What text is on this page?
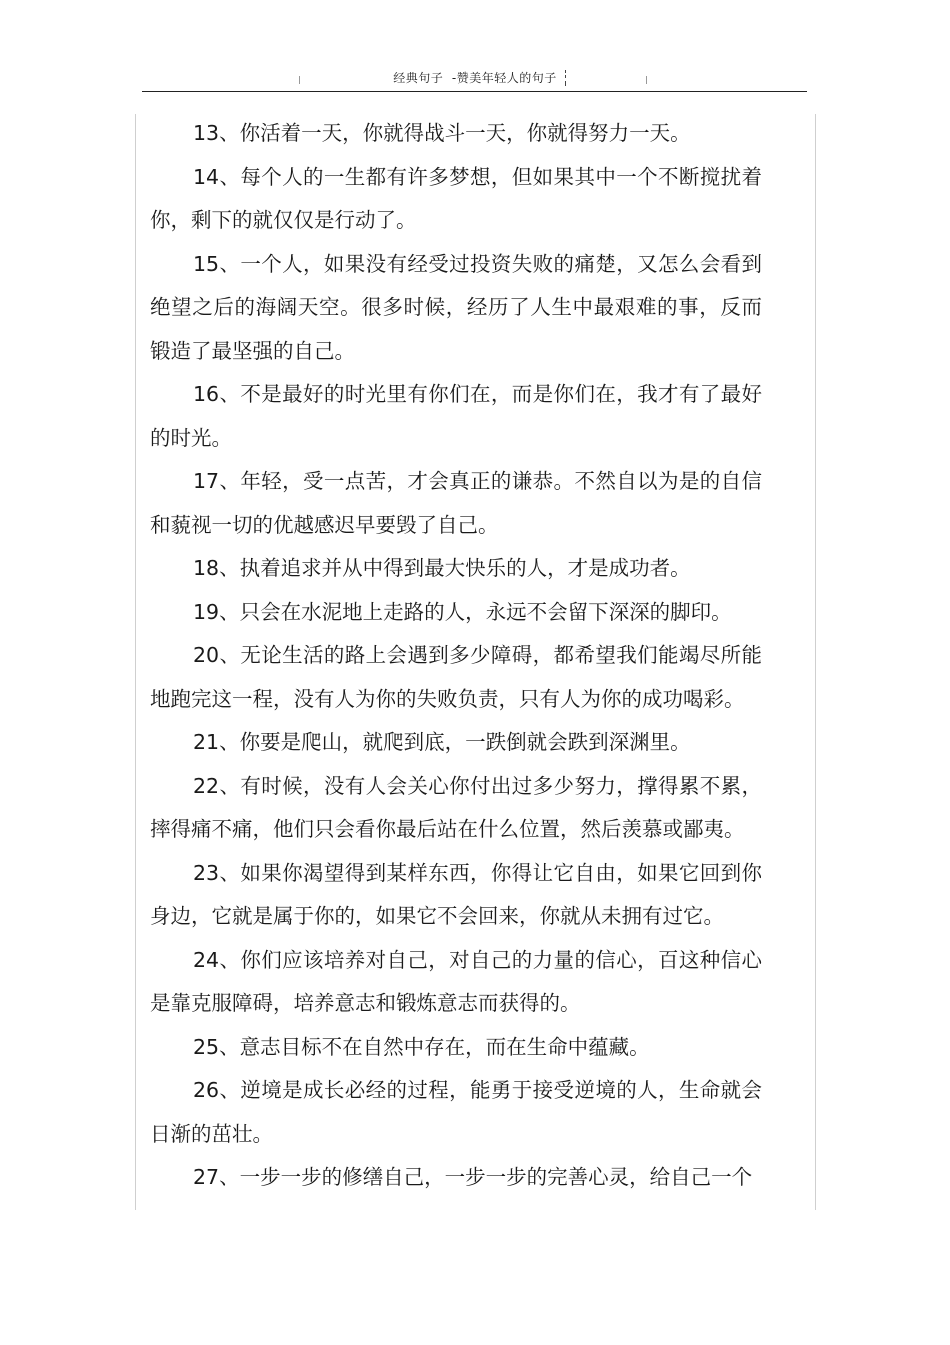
经典句子  -赞美年轻人的句子

13、你活着一天，你就得战斗一天，你就得努力一天。

14、每个人的一生都有许多梦想，但如果其中一个不断搅扰着你，剩下的就仅仅是行动了。

15、一个人，如果没有经受过投资失败的痛楚，又怎么会看到绝望之后的海阔天空。很多时候，经历了人生中最艰难的事，反而锻造了最坚强的自己。

16、不是最好的时光里有你们在，而是你们在，我才有了最好的时光。

17、年轻，受一点苦，才会真正的谦恭。不然自以为是的自信和藐视一切的优越感迟早要毁了自己。

18、执着追求并从中得到最大快乐的人，才是成功者。

19、只会在水泥地上走路的人，永远不会留下深深的脚印。

20、无论生活的路上会遇到多少障碍，都希望我们能竭尽所能地跑完这一程，没有人为你的失败负责，只有人为你的成功喝彩。

21、你要是爬山，就爬到底，一跌倒就会跌到深渊里。

22、有时候，没有人会关心你付出过多少努力，撑得累不累，摔得痛不痛，他们只会看你最后站在什么位置，然后羡慕或鄙夷。

23、如果你渴望得到某样东西，你得让它自由，如果它回到你身边，它就是属于你的，如果它不会回来，你就从未拥有过它。

24、你们应该培养对自己，对自己的力量的信心，百这种信心是靠克服障碍，培养意志和锻炼意志而获得的。

25、意志目标不在自然中存在，而在生命中蕴藏。

26、逆境是成长必经的过程，能勇于接受逆境的人，生命就会日渐的茁壮。

27、一步一步的修缮自己，一步一步的完善心灵，给自己一个
